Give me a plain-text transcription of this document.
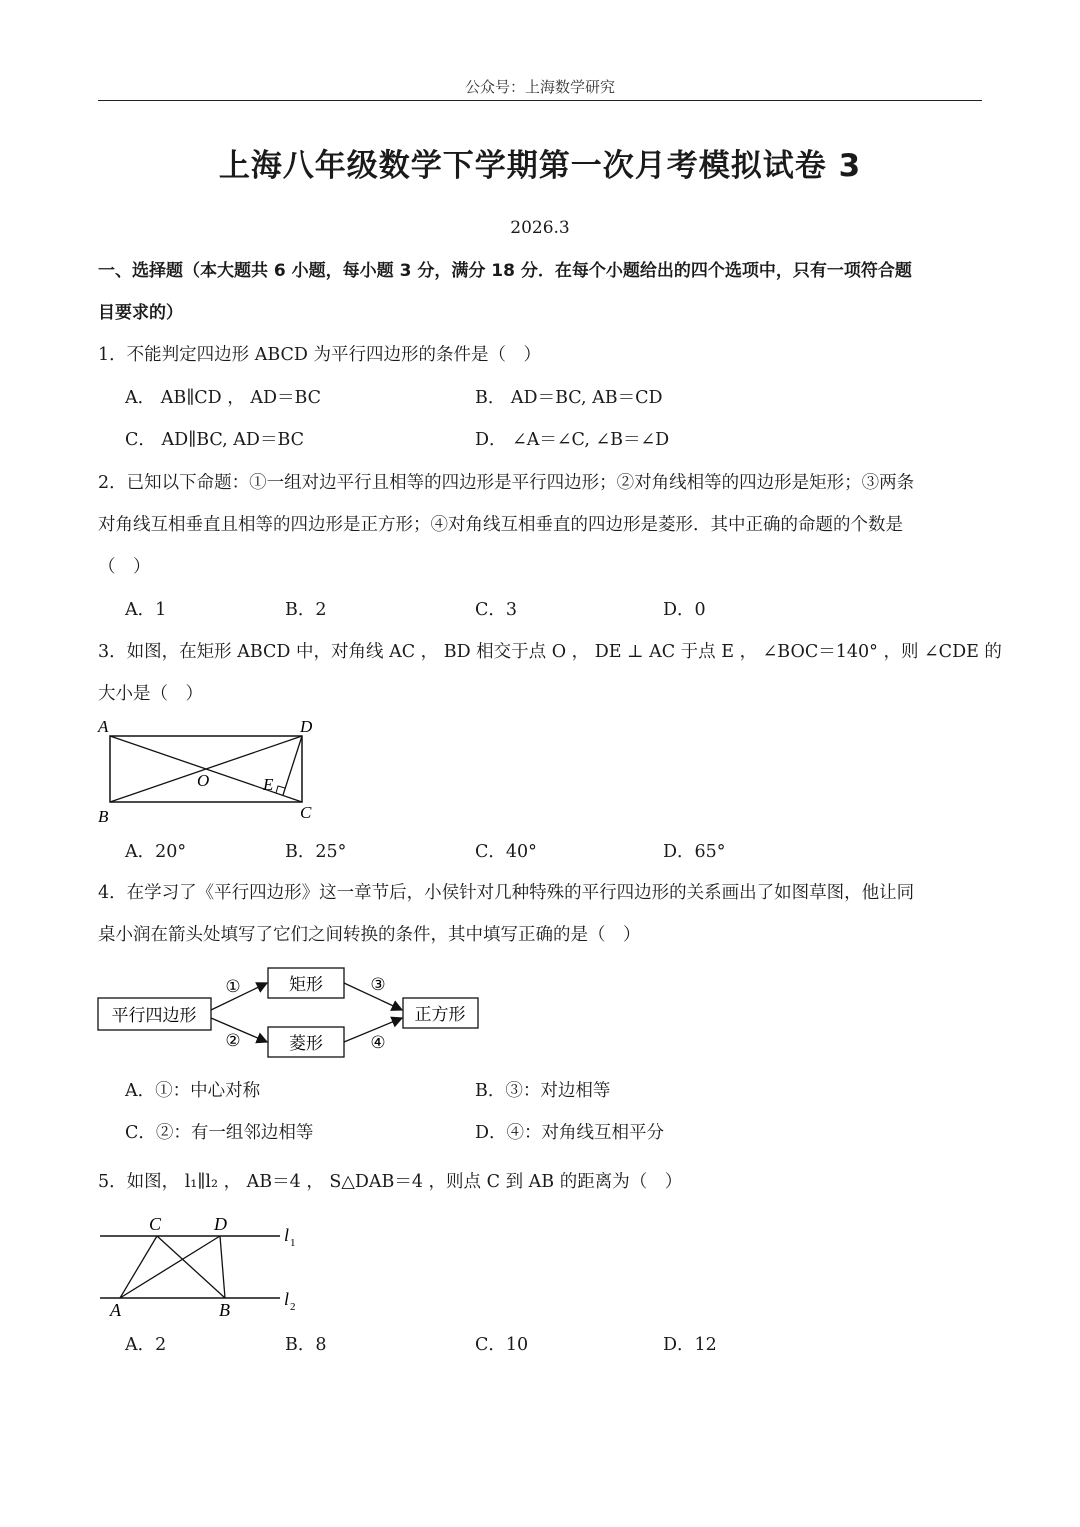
公众号：上海数学研究
上海八年级数学下学期第一次月考模拟试卷 3
2026.3
一、选择题（本大题共 6 小题，每小题 3 分，满分 18 分．在每个小题给出的四个选项中，只有一项符合题
目要求的）
1．不能判定四边形 ABCD 为平行四边形的条件是（　）
A． AB∥CD ， AD＝BC	B． AD＝BC, AB＝CD
C． AD∥BC, AD＝BC	D． ∠A＝∠C, ∠B＝∠D
2．已知以下命题：①一组对边平行且相等的四边形是平行四边形；②对角线相等的四边形是矩形；③两条
对角线互相垂直且相等的四边形是正方形；④对角线互相垂直的四边形是菱形．其中正确的命题的个数是
（　）
A．1	B．2	C．3	D．0
3．如图，在矩形 ABCD 中，对角线 AC ， BD 相交于点 O ， DE ⊥ AC 于点 E ， ∠BOC＝140° ，则 ∠CDE 的
大小是（　）
A	D
B	C
O	E
A．20°	B．25°	C．40°	D．65°
4．在学习了《平行四边形》这一章节后，小侯针对几种特殊的平行四边形的关系画出了如图草图，他让同
桌小润在箭头处填写了它们之间转换的条件，其中填写正确的是（　）
平行四边形
矩形
菱形
正方形
①
②
③
④
A．①：中心对称	B．③：对边相等
C．②：有一组邻边相等	D．④：对角线互相平分
5．如图， l₁∥l₂ ， AB＝4 ， S△DAB＝4 ，则点 C 到 AB 的距离为（　）
C	D
A	B
l 1
l 2
A．2	B．8	C．10	D．12
